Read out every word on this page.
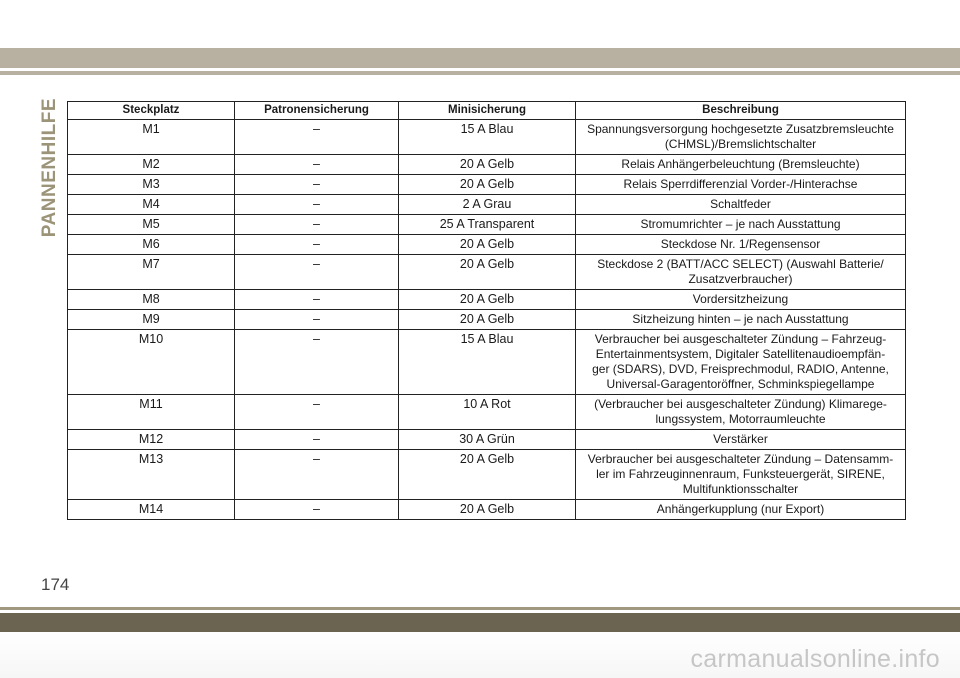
PANNENHILFE	Steckplatz	Patronensicherung	Minisicherung	Beschreibung
M1	–	15 A Blau	Spannungsversorgung hochgesetzte Zusatzbremsleuchte
(CHMSL)/Bremslichtschalter
M2	–	20 A Gelb	Relais Anhängerbeleuchtung (Bremsleuchte)
M3	–	20 A Gelb	Relais Sperrdifferenzial Vorder-/Hinterachse
M4	–	2 A Grau	Schaltfeder
M5	–	25 A Transparent	Stromumrichter – je nach Ausstattung
M6	–	20 A Gelb	Steckdose Nr. 1/Regensensor
M7	–	20 A Gelb	Steckdose 2 (BATT/ACC SELECT) (Auswahl Batterie/
Zusatzverbraucher)
M8	–	20 A Gelb	Vordersitzheizung
M9	–	20 A Gelb	Sitzheizung hinten – je nach Ausstattung
M10	–	15 A Blau	Verbraucher bei ausgeschalteter Zündung – Fahrzeug-
Entertainmentsystem, Digitaler Satellitenaudioempfän-
ger (SDARS), DVD, Freisprechmodul, RADIO, Antenne,
Universal-Garagentoröffner, Schminkspiegellampe
M11	–	10 A Rot	(Verbraucher bei ausgeschalteter Zündung) Klimarege-
lungssystem, Motorraumleuchte
M12	–	30 A Grün	Verstärker
M13	–	20 A Gelb	Verbraucher bei ausgeschalteter Zündung – Datensamm-
ler im Fahrzeuginnenraum, Funksteuergerät, SIRENE,
Multifunktionsschalter
M14	–	20 A Gelb	Anhängerkupplung (nur Export)
174
carmanualsonline.info
